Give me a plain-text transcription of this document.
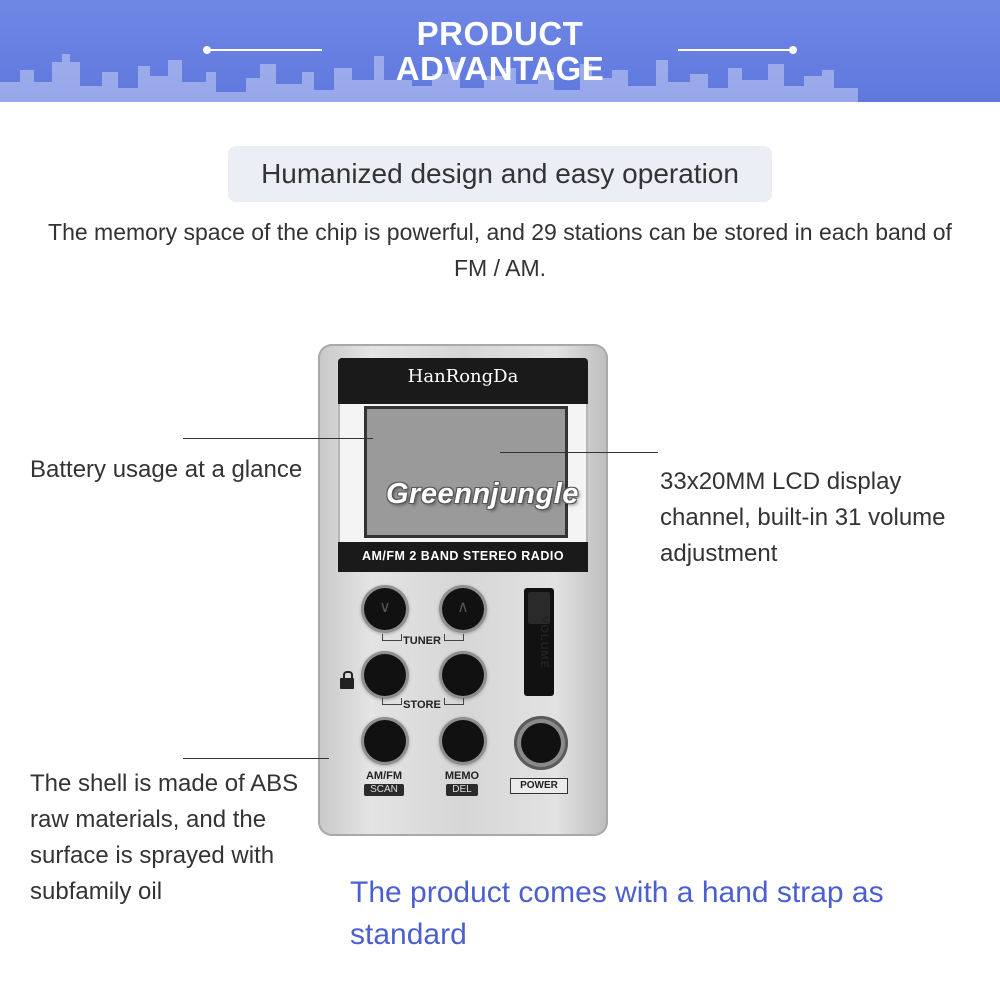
PRODUCT
ADVANTAGE
Humanized design and easy operation
The memory space of the chip is powerful, and 29 stations can be stored in each band of FM / AM.
HanRongDa
AM/FM 2 BAND STEREO RADIO
∨	∧
TUNER
STORE
VOLUME
AM/FM
SCAN
MEMO
DEL	POWER
Greennjungle
Battery usage at a glance	33x20MM LCD display
channel, built-in 31 volume
adjustment
The shell is made of ABS
raw materials, and the
surface is sprayed with
subfamily oil	The product comes with a hand strap as standard
